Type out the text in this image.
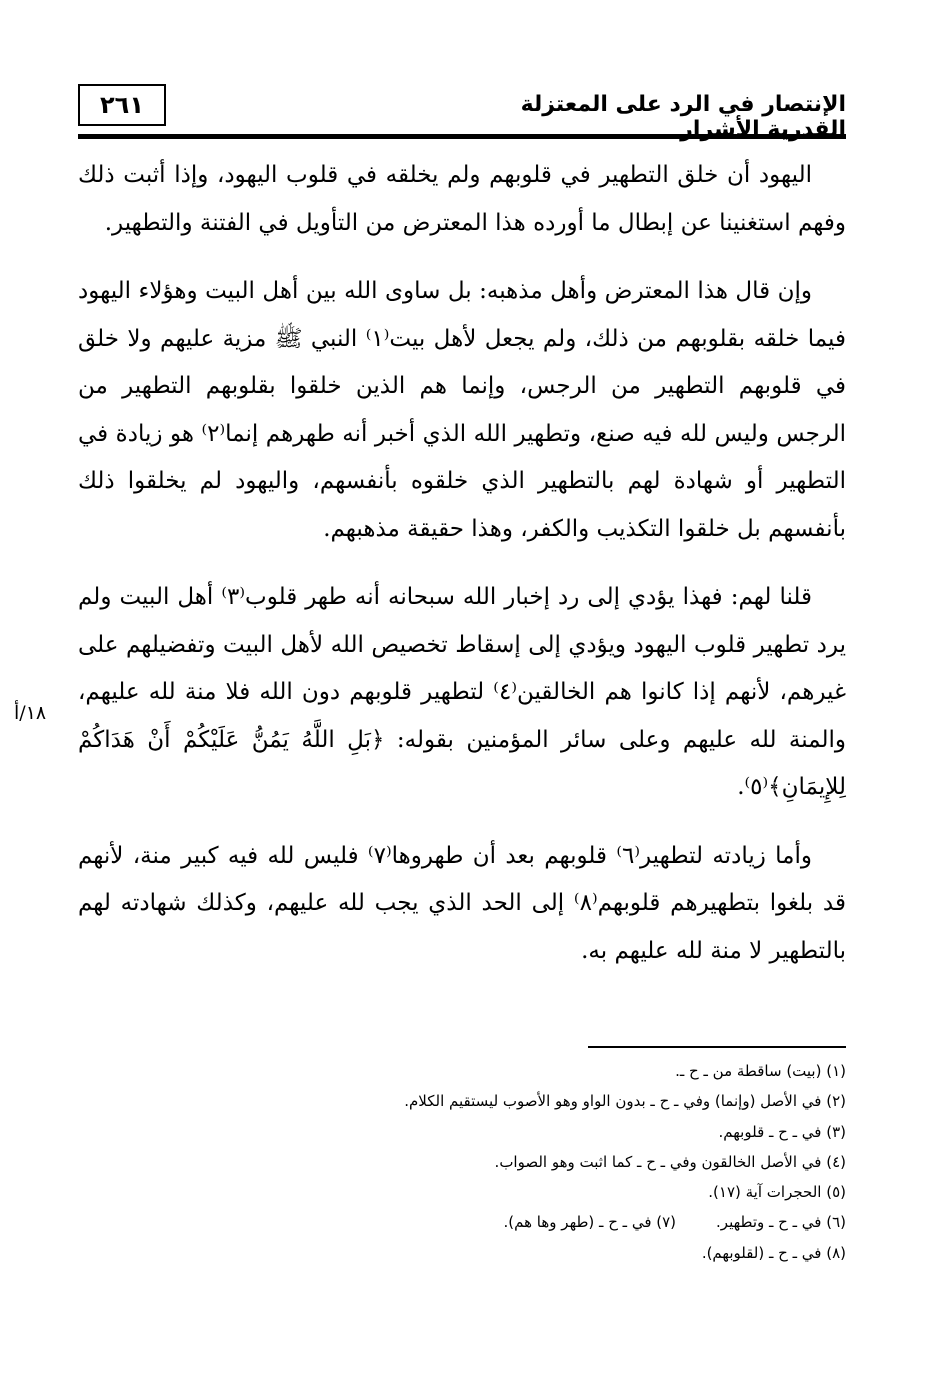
الإنتصار في الرد على المعتزلة القدرية الأشرار
٢٦١

اليهود أن خلق التطهير في قلوبهم ولم يخلقه في قلوب اليهود، وإذا أثبت ذلك وفهم استغنينا عن إبطال ما أورده هذا المعترض من التأويل في الفتنة والتطهير.

وإن قال هذا المعترض وأهل مذهبه: بل ساوى الله بين أهل البيت وهؤلاء اليهود فيما خلقه بقلوبهم من ذلك، ولم يجعل لأهل بيت⁽١⁾ النبي ﷺ مزية عليهم ولا خلق في قلوبهم التطهير من الرجس، وإنما هم الذين خلقوا بقلوبهم التطهير من الرجس وليس لله فيه صنع، وتطهير الله الذي أخبر أنه طهرهم إنما⁽٢⁾ هو زيادة في التطهير أو شهادة لهم بالتطهير الذي خلقوه بأنفسهم، واليهود لم يخلقوا ذلك بأنفسهم بل خلقوا التكذيب والكفر، وهذا حقيقة مذهبهم.

قلنا لهم: فهذا يؤدي إلى رد إخبار الله سبحانه أنه طهر قلوب⁽٣⁾ أهل البيت ولم يرد تطهير قلوب اليهود ويؤدي إلى إسقاط تخصيص الله لأهل البيت وتفضيلهم على غيرهم، لأنهم إذا كانوا هم الخالقين⁽٤⁾ لتطهير قلوبهم دون الله فلا منة لله عليهم، والمنة لله عليهم وعلى سائر المؤمنين بقوله: ﴿بَلِ اللَّهُ يَمُنُّ عَلَيْكُمْ أَنْ هَدَاكُمْ لِلإِيمَانِ﴾⁽٥⁾.

وأما زيادته لتطهير⁽٦⁾ قلوبهم بعد أن طهروها⁽٧⁾ فليس لله فيه كبير منة، لأنهم قد بلغوا بتطهيرهم قلوبهم⁽٨⁾ إلى الحد الذي يجب لله عليهم، وكذلك شهادته لهم بالتطهير لا منة لله عليهم به.

١٨/أ

(١) (بيت) ساقطة من ـ ح ـ.

(٢) في الأصل (وإنما) وفي ـ ح ـ بدون الواو وهو الأصوب ليستقيم الكلام.

(٣) في ـ ح ـ قلوبهم.

(٤) في الأصل الخالقون وفي ـ ح ـ كما اثبت وهو الصواب.

(٥) الحجرات آية (١٧).

(٦) في ـ ح ـ وتطهير.
(٧) في ـ ح ـ (طهر وها هم).

(٨) في ـ ح ـ (لقلوبهم).
